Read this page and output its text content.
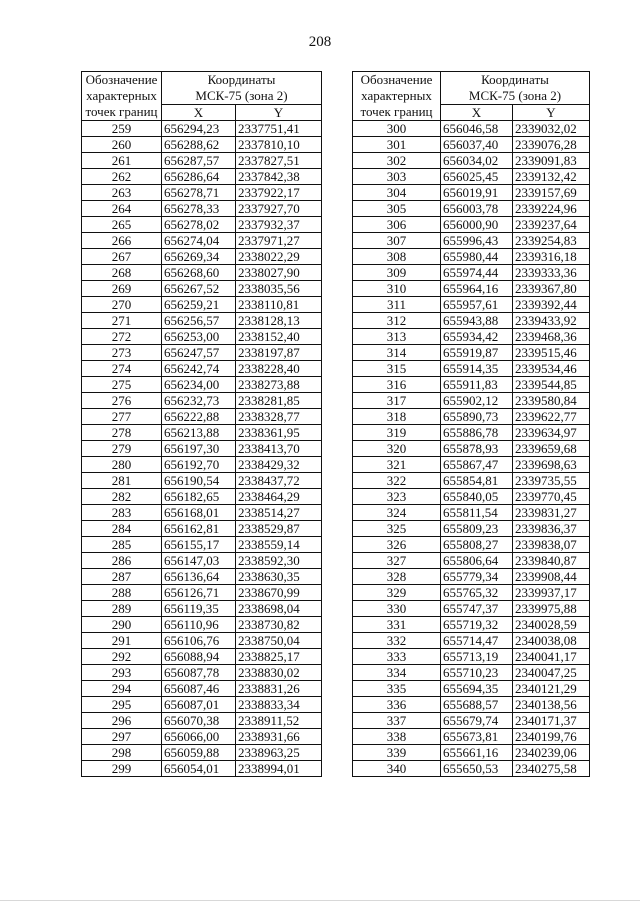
208
Обозначение
характерных
точек границ	Координаты
МСК-75 (зона 2)	
	X	Y
259	656294,23	2337751,41
260	656288,62	2337810,10
261	656287,57	2337827,51
262	656286,64	2337842,38
263	656278,71	2337922,17
264	656278,33	2337927,70
265	656278,02	2337932,37
266	656274,04	2337971,27
267	656269,34	2338022,29
268	656268,60	2338027,90
269	656267,52	2338035,56
270	656259,21	2338110,81
271	656256,57	2338128,13
272	656253,00	2338152,40
273	656247,57	2338197,87
274	656242,74	2338228,40
275	656234,00	2338273,88
276	656232,73	2338281,85
277	656222,88	2338328,77
278	656213,88	2338361,95
279	656197,30	2338413,70
280	656192,70	2338429,32
281	656190,54	2338437,72
282	656182,65	2338464,29
283	656168,01	2338514,27
284	656162,81	2338529,87
285	656155,17	2338559,14
286	656147,03	2338592,30
287	656136,64	2338630,35
288	656126,71	2338670,99
289	656119,35	2338698,04
290	656110,96	2338730,82
291	656106,76	2338750,04
292	656088,94	2338825,17
293	656087,78	2338830,02
294	656087,46	2338831,26
295	656087,01	2338833,34
296	656070,38	2338911,52
297	656066,00	2338931,66
298	656059,88	2338963,25
299	656054,01	2338994,01
Обозначение
характерных
точек границ	Координаты
МСК-75 (зона 2)	
	X	Y
300	656046,58	2339032,02
301	656037,40	2339076,28
302	656034,02	2339091,83
303	656025,45	2339132,42
304	656019,91	2339157,69
305	656003,78	2339224,96
306	656000,90	2339237,64
307	655996,43	2339254,83
308	655980,44	2339316,18
309	655974,44	2339333,36
310	655964,16	2339367,80
311	655957,61	2339392,44
312	655943,88	2339433,92
313	655934,42	2339468,36
314	655919,87	2339515,46
315	655914,35	2339534,46
316	655911,83	2339544,85
317	655902,12	2339580,84
318	655890,73	2339622,77
319	655886,78	2339634,97
320	655878,93	2339659,68
321	655867,47	2339698,63
322	655854,81	2339735,55
323	655840,05	2339770,45
324	655811,54	2339831,27
325	655809,23	2339836,37
326	655808,27	2339838,07
327	655806,64	2339840,87
328	655779,34	2339908,44
329	655765,32	2339937,17
330	655747,37	2339975,88
331	655719,32	2340028,59
332	655714,47	2340038,08
333	655713,19	2340041,17
334	655710,23	2340047,25
335	655694,35	2340121,29
336	655688,57	2340138,56
337	655679,74	2340171,37
338	655673,81	2340199,76
339	655661,16	2340239,06
340	655650,53	2340275,58
